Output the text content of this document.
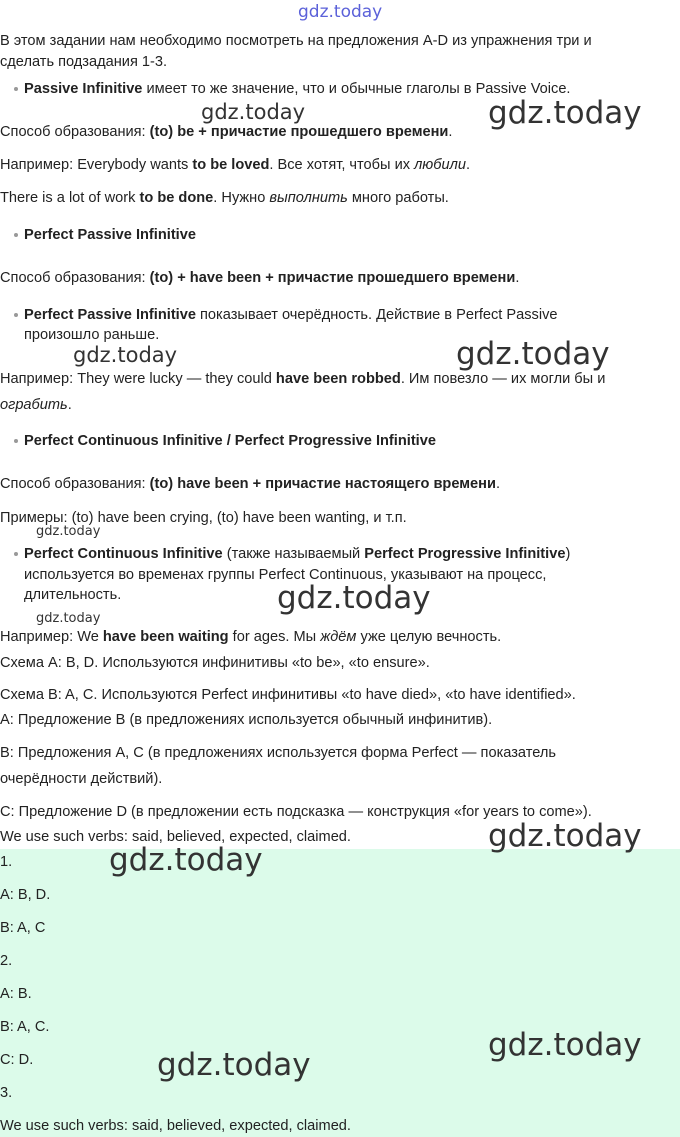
gdz.today
gdz.today	gdz.today
gdz.today	gdz.today
gdz.today
gdz.today
gdz.today
gdz.today
gdz.today
gdz.today
gdz.today
В этом задании нам необходимо посмотреть на предложения A-D из упражнения три и
сделать подзадания 1-3.
Passive Infinitive имеет то же значение, что и обычные глаголы в Passive Voice.
Способ образования: (to) be + причастие прошедшего времени.
Например: Everybody wants to be loved. Все хотят, чтобы их любили.
There is a lot of work to be done. Нужно выполнить много работы.
Perfect Passive Infinitive
Способ образования: (to) + have been + причастие прошедшего времени.
Perfect Passive Infinitive показывает очерёдность. Действие в Perfect Passive
произошло раньше.
Например: They were lucky — they could have been robbed. Им повезло — их могли бы и
ограбить.
Perfect Continuous Infinitive / Perfect Progressive Infinitive
Способ образования: (to) have been + причастие настоящего времени.
Примеры: (to) have been crying, (to) have been wanting, и т.п.
Perfect Continuous Infinitive (также называемый Perfect Progressive Infinitive)
используется во временах группы Perfect Continuous, указывают на процесс,
длительность.
Например: We have been waiting for ages. Мы ждём уже целую вечность.
Схема A: B, D. Используются инфинитивы «to be», «to ensure».
Схема B: A, C. Используются Perfect инфинитивы «to have died», «to have identified».
A: Предложение B (в предложениях используется обычный инфинитив).
B: Предложения A, C (в предложениях используется форма Perfect — показатель
очерёдности действий).
C: Предложение D (в предложении есть подсказка — конструкция «for years to come»).
We use such verbs: said, believed, expected, claimed.
1.
A: B, D.
B: A, C
2.
A: B.
B: A, C.
C: D.
3.
We use such verbs: said, believed, expected, claimed.
